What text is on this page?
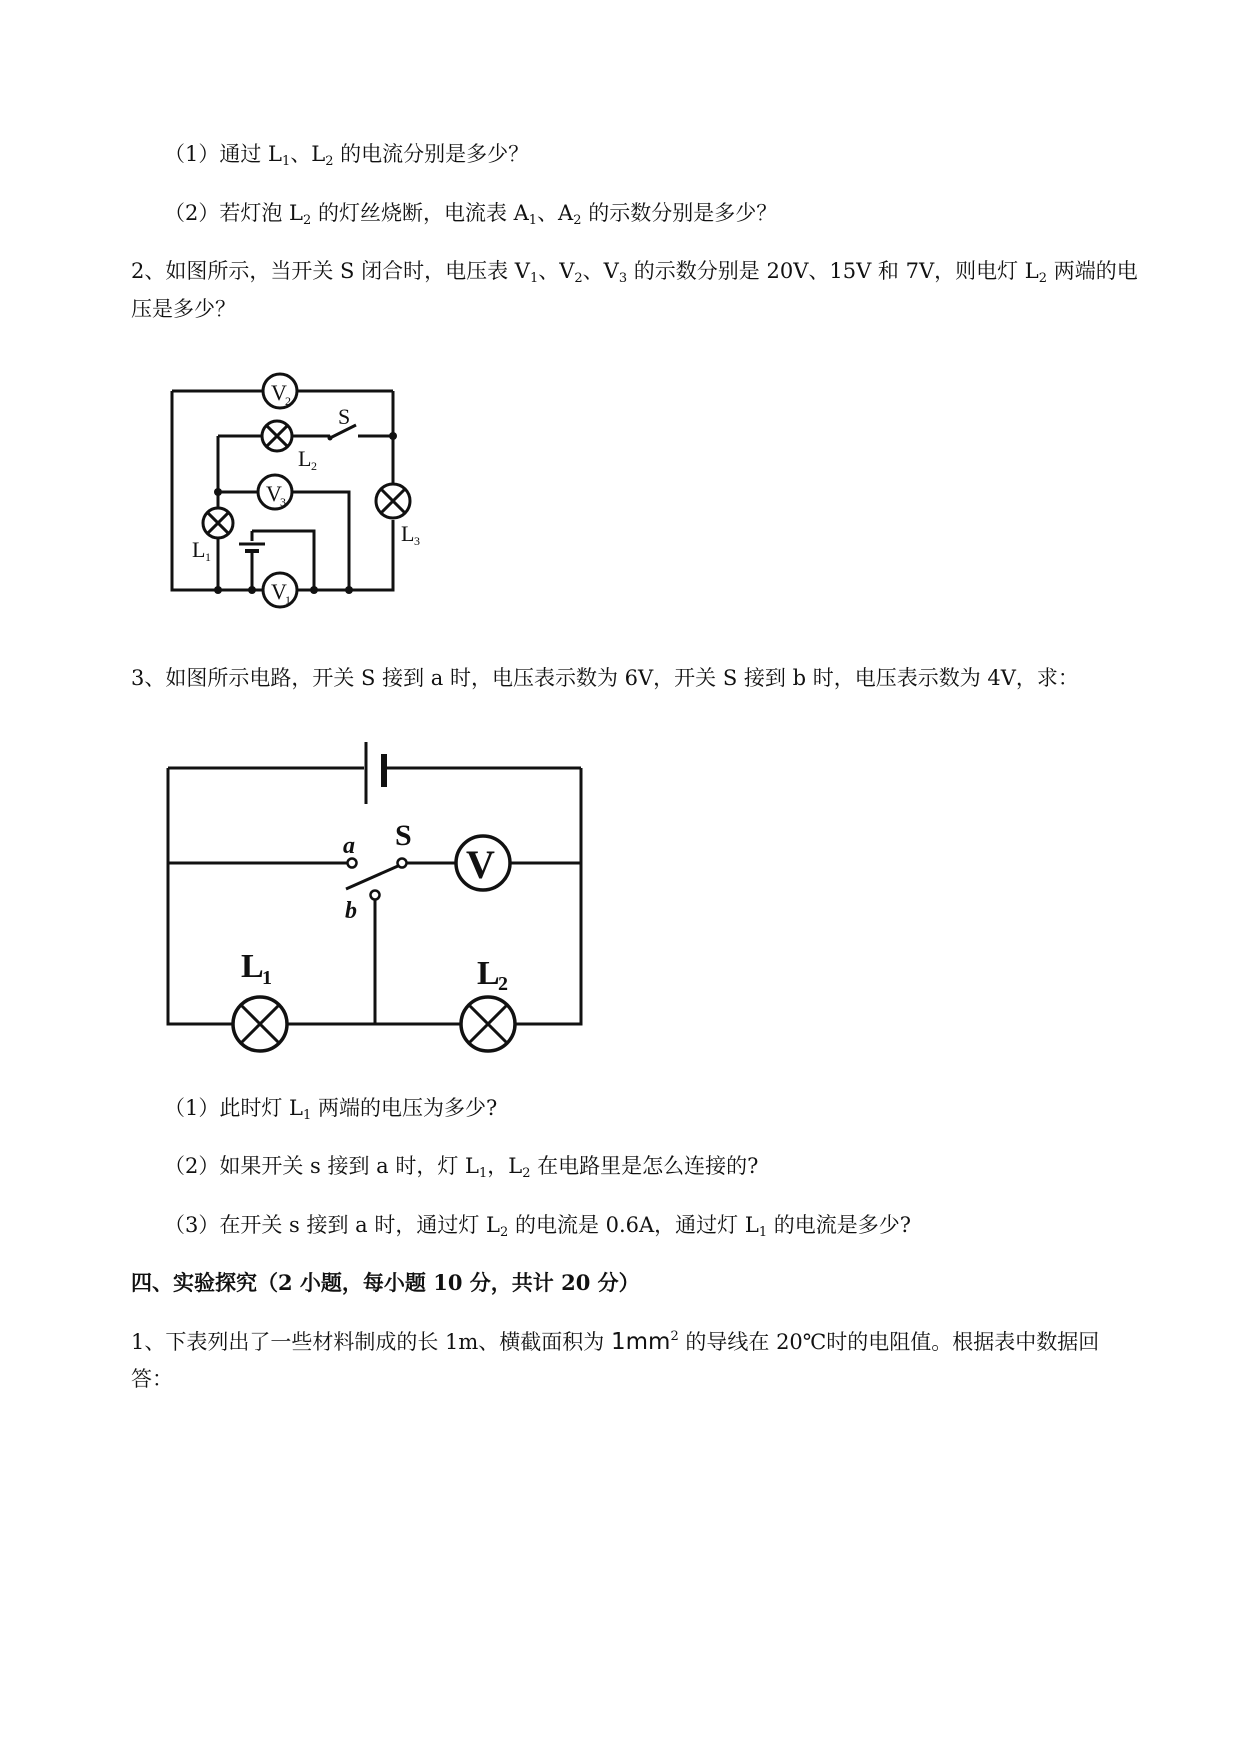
（1）通过 $L_1$、$L_2$ 的电流分别是多少？
（2）若灯泡 $L_2$ 的灯丝烧断，电流表 $A_1$、$A_2$ 的示数分别是多少？
2、如图所示，当开关 S 闭合时，电压表 $V_1$、$V_2$、$V_3$ 的示数分别是 20V、15V 和 7V，则电灯 $L_2$ 两端的电
压是多少？
V
2
S
L 2
V
3
L 1
L 3
V
1
V
a
b
S
L
1	L
2
3、如图所示电路，开关 S 接到 a 时，电压表示数为 6V，开关 S 接到 b 时，电压表示数为 4V，求：
（1）此时灯 $L_1$ 两端的电压为多少?
（2）如果开关 s 接到 a 时，灯 $L_1$，$L_2$ 在电路里是怎么连接的?
（3）在开关 s 接到 a 时，通过灯 $L_2$ 的电流是 0.6A，通过灯 $L_1$ 的电流是多少?
四、实验探究（2 小题，每小题 10 分，共计 20 分）
1、下表列出了一些材料制成的长 1m、横截面积为 $1mm^2$ 的导线在 20℃时的电阻值。根据表中数据回
答：
